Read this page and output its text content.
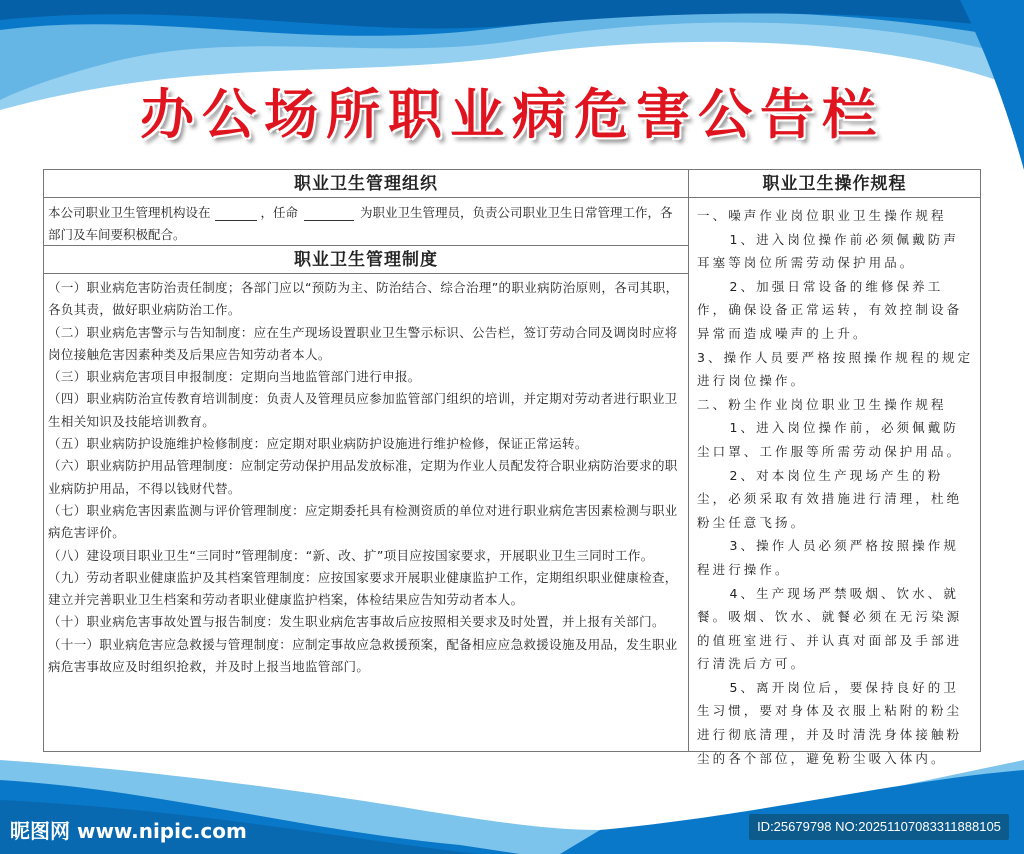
办公场所职业病危害公告栏
职业卫生管理组织
本公司职业卫生管理机构设在	，任命	为职业卫生管理员，负责公司职业卫生日常管理工作，各部门及车间要积极配合。
职业卫生管理制度

（一）职业病危害防治责任制度；各部门应以“预防为主、防治结合、综合治理”的职业病防治原则，各司其职，各负其责，做好职业病防治工作。

（二）职业病危害警示与告知制度：应在生产现场设置职业卫生警示标识、公告栏，签订劳动合同及调岗时应将岗位接触危害因素种类及后果应告知劳动者本人。

（三）职业病危害项目申报制度：定期向当地监管部门进行申报。

（四）职业病防治宣传教育培训制度：负责人及管理员应参加监管部门组织的培训，并定期对劳动者进行职业卫生相关知识及技能培训教育。

（五）职业病防护设施维护检修制度：应定期对职业病防护设施进行维护检修，保证正常运转。

（六）职业病防护用品管理制度：应制定劳动保护用品发放标准，定期为作业人员配发符合职业病防治要求的职业病防护用品，不得以钱财代替。

（七）职业病危害因素监测与评价管理制度：应定期委托具有检测资质的单位对进行职业病危害因素检测与职业病危害评价。

（八）建设项目职业卫生“三同时”管理制度：“新、改、扩”项目应按国家要求，开展职业卫生三同时工作。

（九）劳动者职业健康监护及其档案管理制度：应按国家要求开展职业健康监护工作，定期组织职业健康检查，建立并完善职业卫生档案和劳动者职业健康监护档案，体检结果应告知劳动者本人。

（十）职业病危害事故处置与报告制度：发生职业病危害事故后应按照相关要求及时处置，并上报有关部门。

（十一）职业病危害应急救援与管理制度：应制定事故应急救援预案，配备相应应急救援设施及用品，发生职业病危害事故应及时组织抢救，并及时上报当地监管部门。

职业卫生操作规程

一、噪声作业岗位职业卫生操作规程

1、进入岗位操作前必须佩戴防声耳塞等岗位所需劳动保护用品。

2、加强日常设备的维修保养工作，确保设备正常运转，有效控制设备异常而造成噪声的上升。

3、操作人员要严格按照操作规程的规定进行岗位操作。

二、粉尘作业岗位职业卫生操作规程

1、进入岗位操作前，必须佩戴防尘口罩、工作服等所需劳动保护用品。

2、对本岗位生产现场产生的粉尘，必须采取有效措施进行清理，杜绝粉尘任意飞扬。

3、操作人员必须严格按照操作规程进行操作。

4、生产现场严禁吸烟、饮水、就餐。吸烟、饮水、就餐必须在无污染源的值班室进行、并认真对面部及手部进行清洗后方可。

5、离开岗位后，要保持良好的卫生习惯，要对身体及衣服上粘附的粉尘进行彻底清理，并及时清洗身体接触粉尘的各个部位，避免粉尘吸入体内。

昵图网 www.nipic.com	ID:25679798 NO:20251107083311888105
